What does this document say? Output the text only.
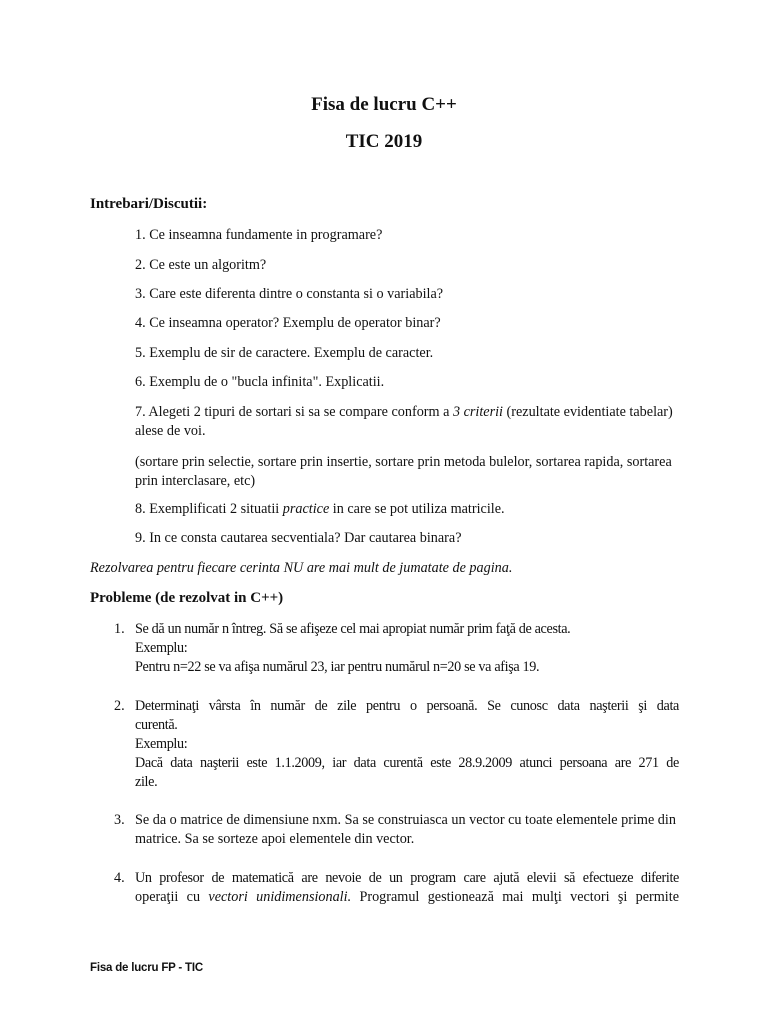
Fisa de lucru C++
TIC 2019
Intrebari/Discutii:
1. Ce inseamna fundamente in programare?
2. Ce este un algoritm?
3. Care este diferenta dintre o constanta si o variabila?
4. Ce inseamna operator? Exemplu de operator binar?
5. Exemplu de sir de caractere. Exemplu de caracter.
6. Exemplu de o "bucla infinita". Explicatii.
7. Alegeti 2 tipuri de sortari si sa se compare conform a 3 criterii (rezultate evidentiate tabelar) alese de voi.
(sortare prin selectie, sortare prin insertie, sortare prin metoda bulelor, sortarea rapida, sortarea prin interclasare, etc)
8. Exemplificati 2 situatii practice in care se pot utiliza matricile.
9. In ce consta cautarea secventiala? Dar cautarea binara?
Rezolvarea pentru fiecare cerinta NU are mai mult de jumatate de pagina.
Probleme (de rezolvat in C++)
1. Se dă un număr n întreg. Să se afişeze cel mai apropiat număr prim faţă de acesta.
Exemplu:
Pentru n=22 se va afişa numărul 23, iar pentru numărul n=20 se va afişa 19.
2. Determinaţi vârsta în număr de zile pentru o persoană. Se cunosc data naşterii şi data
curentă.
Exemplu:
Dacă data naşterii este 1.1.2009, iar data curentă este 28.9.2009 atunci persoana are 271 de
zile.
3. Se da o matrice de dimensiune nxm. Sa se construiasca un vector cu toate elementele prime din matrice. Sa se sorteze apoi elementele din vector.
4. Un profesor de matematică are nevoie de un program care ajută elevii să efectueze diferite
operaţii cu vectori unidimensionali. Programul gestionează mai mulţi vectori şi permite
Fisa de lucru FP - TIC
